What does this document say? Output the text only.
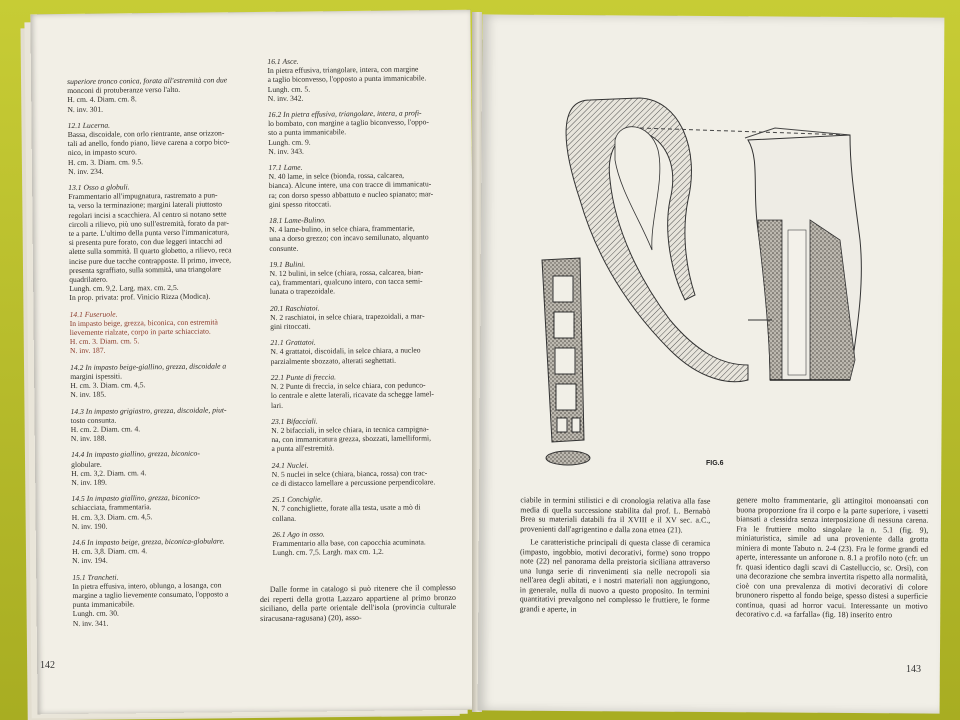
superiore tronco conica, forata all'estremità con due
monconi di protuberanze verso l'alto.
H. cm. 4. Diam. cm. 8.
N. inv. 301.
12.1 Lucerna.
Bassa, discoidale, con orlo rientrante, anse orizzon-
tali ad anello, fondo piano, lieve carena a corpo bico-
nico, in impasto scuro.
H. cm. 3. Diam. cm. 9.5.
N. inv. 234.
13.1 Osso a globuli.
Frammentario all'impugnatura, rastremato a pun-
ta, verso la terminazione; margini laterali piuttosto
regolari incisi a scacchiera. Al centro si notano sette
circoli a rilievo, più uno sull'estremità, forato da par-
te a parte. L'ultimo della punta verso l'immanicatura,
si presenta pure forato, con due leggeri intacchi ad
alette sulla sommità. Il quarto globetto, a rilievo, reca
incise pure due tacche contrapposte. Il primo, invece,
presenta sgraffiato, sulla sommità, una triangolare
quadrilatero.
Lungh. cm. 9,2. Larg. max. cm. 2,5.
In prop. privata: prof. Vinicio Rizza (Modica).
14.1 Fuseruole.
In impasto beige, grezza, biconica, con estremità
lievemente rialzate, corpo in parte schiacciato.
H. cm. 3. Diam. cm. 5.
N. inv. 187.
14.2 In impasto beige-giallino, grezza, discoidale a
margini ispessiti.
H. cm. 3. Diam. cm. 4,5.
N. inv. 185.
14.3 In impasto grigiastro, grezza, discoidale, piut-
tosto consunta.
H. cm. 2. Diam. cm. 4.
N. inv. 188.
14.4 In impasto giallino, grezza, biconico-
globulare.
H. cm. 3,2. Diam. cm. 4.
N. inv. 189.
14.5 In impasto giallino, grezza, biconico-
schiacciata, frammentaria.
H. cm. 3,3. Diam. cm. 4,5.
N. inv. 190.
14.6 In impasto beige, grezza, biconica-globulare.
H. cm. 3,8. Diam. cm. 4.
N. inv. 194.
15.1 Trancheti.
In pietra effusiva, intero, oblungo, a losanga, con
margine a taglio lievemente consumato, l'opposto a
punta immanicabile.
Lungh. cm. 30.
N. inv. 341.
16.1 Asce.
In pietra effusiva, triangolare, intera, con margine
a taglio biconvesso, l'opposto a punta immanicabile.
Lungh. cm. 5.
N. inv. 342.
16.2 In pietra effusiva, triangolare, intera, a profi-
lo bombato, con margine a taglio biconvesso, l'oppo-
sto a punta immanicabile.
Lungh. cm. 9.
N. inv. 343.
17.1 Lame.
N. 40 lame, in selce (bionda, rossa, calcarea,
bianca). Alcune intere, una con tracce di immanicatu-
ra; con dorso spesso abbattuto e nucleo spianato; mar-
gini spesso ritoccati.
18.1 Lame-Bulino.
N. 4 lame-bulino, in selce chiara, frammentarie,
una a dorso grezzo; con incavo semilunato, alquanto
consunte.
19.1 Bulini.
N. 12 bulini, in selce (chiara, rossa, calcarea, bian-
ca), frammentari, qualcuno intero, con tacca semi-
lunata o trapezoidale.
20.1 Raschiatoi.
N. 2 raschiatoi, in selce chiara, trapezoidali, a mar-
gini ritoccati.
21.1 Grattatoi.
N. 4 grattatoi, discoidali, in selce chiara, a nucleo
parzialmente sbozzato, alterati seghettati.
22.1 Punte di freccia.
N. 2 Punte di freccia, in selce chiara, con pedunco-
lo centrale e alette laterali, ricavate da schegge lamel-
lari.
23.1 Bifacciali.
N. 2 bifacciali, in selce chiara, in tecnica campigna-
na, con immanicatura grezza, sbozzati, lamelliformi,
a punta all'estremità.
24.1 Nuclei.
N. 5 nuclei in selce (chiara, bianca, rossa) con trac-
ce di distacco lamellare a percussione perpendicolare.
25.1 Conchiglie.
N. 7 conchigliette, forate alla testa, usate a mò di
collana.
26.1 Ago in osso.
Frammentario alla base, con capocchia acuminata.
Lungh. cm. 7,5. Largh. max cm. 1,2.

Dalle forme in catalogo si può ritenere che il complesso dei reperti della grotta Lazzaro appartiene al primo bronzo siciliano, della parte orientale dell'isola (provincia culturale siracusana-ragusana) (20), asso-

142
FIG.6

ciabile in termini stilistici e di cronologia relativa alla fase media di quella successione stabilita dal prof. L. Bernabò Brea su materiali databili fra il XVIII e il XV sec. a.C., provenienti dall'agrigentino e dalla zona etnea (21).

Le caratteristiche principali di questa classe di ceramica (impasto, ingobbio, motivi decorativi, forme) sono troppo note (22) nel panorama della preistoria siciliana attraverso una lunga serie di rinvenimenti sia nelle necropoli sia nell'area degli abitati, e i nostri materiali non aggiungono, in generale, nulla di nuovo a questo proposito. In termini quantitativi prevalgono nel complesso le fruttiere, le forme grandi e aperte, in

genere molto frammentarie, gli attingitoi monoansati con buona proporzione fra il corpo e la parte superiore, i vasetti biansati a clessidra senza interposizione di nessuna carena. Fra le fruttiere molto singolare la n. 5.1 (fig. 9), miniaturistica, simile ad una proveniente dalla grotta miniera di monte Tabuto n. 2-4 (23). Fra le forme grandi ed aperte, interessante un anforone n. 8.1 a profilo noto (cfr. un fr. quasi identico dagli scavi di Castelluccio, sc. Orsi), con una decorazione che sembra invertita rispetto alla normalità, cioè con una prevalenza di motivi decorativi di colore brunonero rispetto al fondo beige, spesso distesi a superficie continua, quasi ad horror vacui. Interessante un motivo decorativo c.d. «a farfalla» (fig. 18) inserito entro

143
